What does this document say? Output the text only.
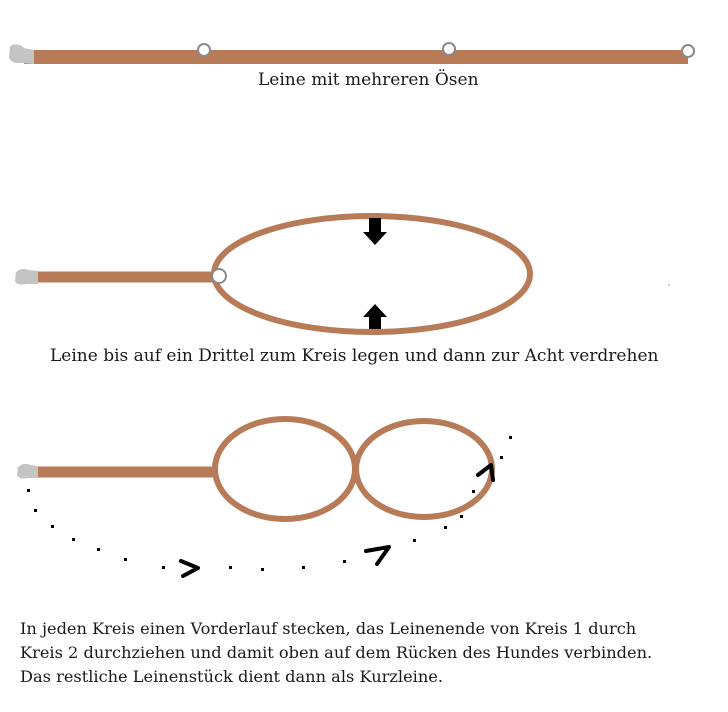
Leine mit mehreren Ösen
Leine bis auf ein Drittel zum Kreis legen und dann zur Acht verdrehen
In jeden Kreis einen Vorderlauf stecken, das Leinenende von Kreis 1 durch
Kreis 2 durchziehen und damit oben auf dem Rücken des Hundes verbinden.
Das restliche Leinenstück dient dann als Kurzleine.
